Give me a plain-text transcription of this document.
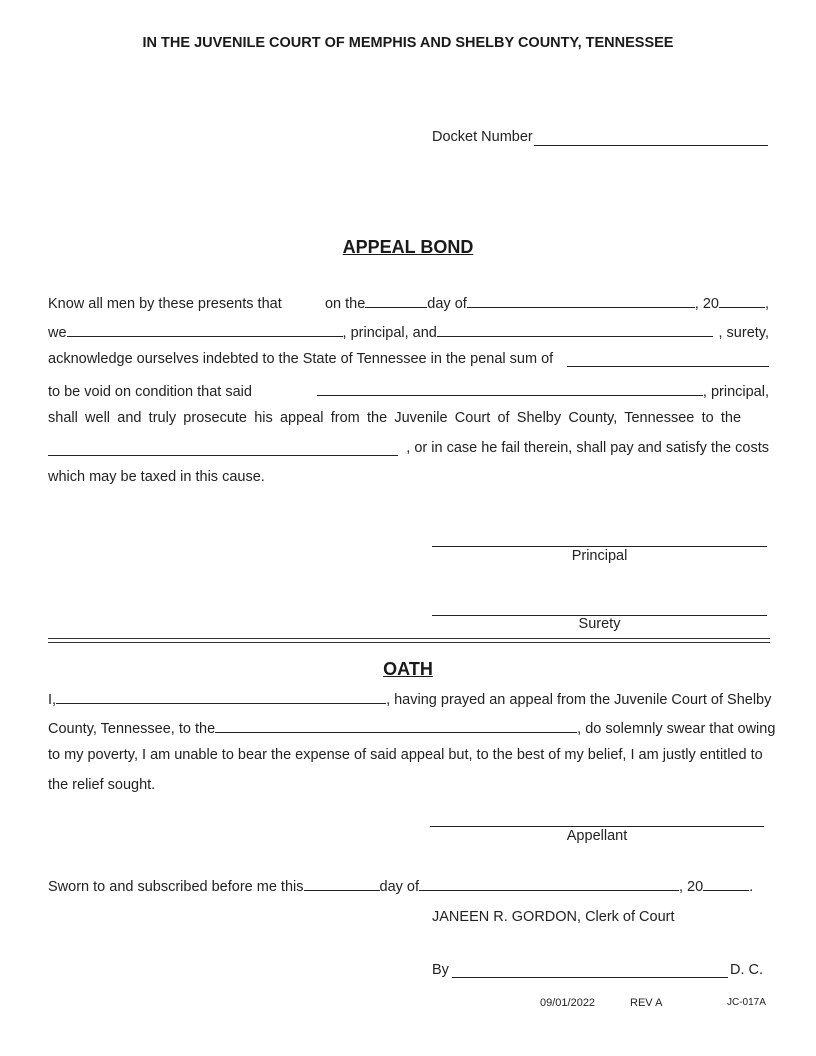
IN THE JUVENILE COURT OF MEMPHIS AND SHELBY COUNTY, TENNESSEE
Docket Number
APPEAL BOND
Know all men by these presents that	on the	day of	, 20	,
we	, principal, and	, surety,
acknowledge ourselves indebted to the State of Tennessee in the penal sum of
to be void on condition that said	, principal,
shall well and truly prosecute his appeal from the Juvenile Court of Shelby County, Tennessee to the
, or in case he fail therein, shall pay and satisfy the costs
which may be taxed in this cause.
Principal
Surety
OATH
I,	, having prayed an appeal from the Juvenile Court of Shelby
County, Tennessee, to the	, do solemnly swear that owing
to my poverty, I am unable to bear the expense of said appeal but, to the best of my belief, I am justly entitled to
the relief sought.
Appellant
Sworn to and subscribed before me this	day of	, 20	.
JANEEN R. GORDON, Clerk of Court
By	D. C.
09/01/2022	REV A	JC-017A
